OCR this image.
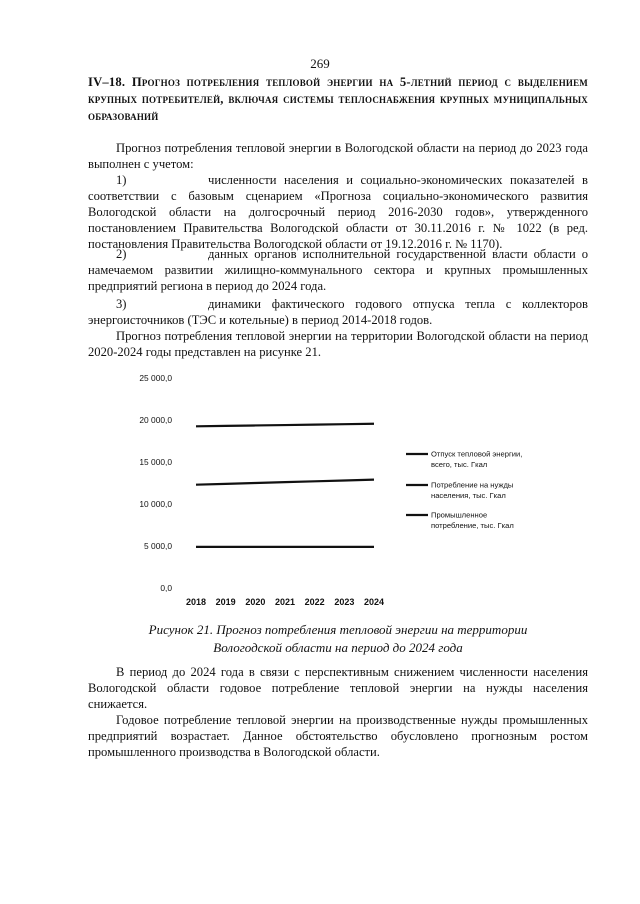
269
IV–18. Прогноз потребления тепловой энергии на 5-летний период с выделением крупных потребителей, включая системы теплоснабжения крупных муниципальных образований
Прогноз потребления тепловой энергии в Вологодской области на период до 2023 года выполнен с учетом:
1)	численности населения и социально-экономических показателей в соответствии с базовым сценарием «Прогноза социально-экономического развития Вологодской области на долгосрочный период 2016-2030 годов», утвержденного постановлением Правительства Вологодской области от 30.11.2016 г. № 1022 (в ред. постановления Правительства Вологодской области от 19.12.2016 г. № 1170).
2)	данных органов исполнительной государственной власти области о намечаемом развитии жилищно-коммунального сектора и крупных промышленных предприятий региона в период до 2024 года.
3)	динамики фактического годового отпуска тепла с коллекторов энергоисточников (ТЭС и котельные) в период 2014-2018 годов.
Прогноз потребления тепловой энергии на территории Вологодской области на период 2020-2024 годы представлен на рисунке 21.
0,0
5 000,0
10 000,0
15 000,0
20 000,0
25 000,0
2018 2019 2020 2021 2022 2023 2024
Отпуск тепловой энергии,
всего, тыс. Гкал
Потребление на нужды
населения, тыс. Гкал
Промышленное
потребление, тыс. Гкал
Рисунок 21. Прогноз потребления тепловой энергии на территории
Вологодской области на период до 2024 года
В период до 2024 года в связи с перспективным снижением численности населения Вологодской области годовое потребление тепловой энергии на нужды населения снижается.
Годовое потребление тепловой энергии на производственные нужды промышленных предприятий возрастает. Данное обстоятельство обусловлено прогнозным ростом промышленного производства в Вологодской области.
